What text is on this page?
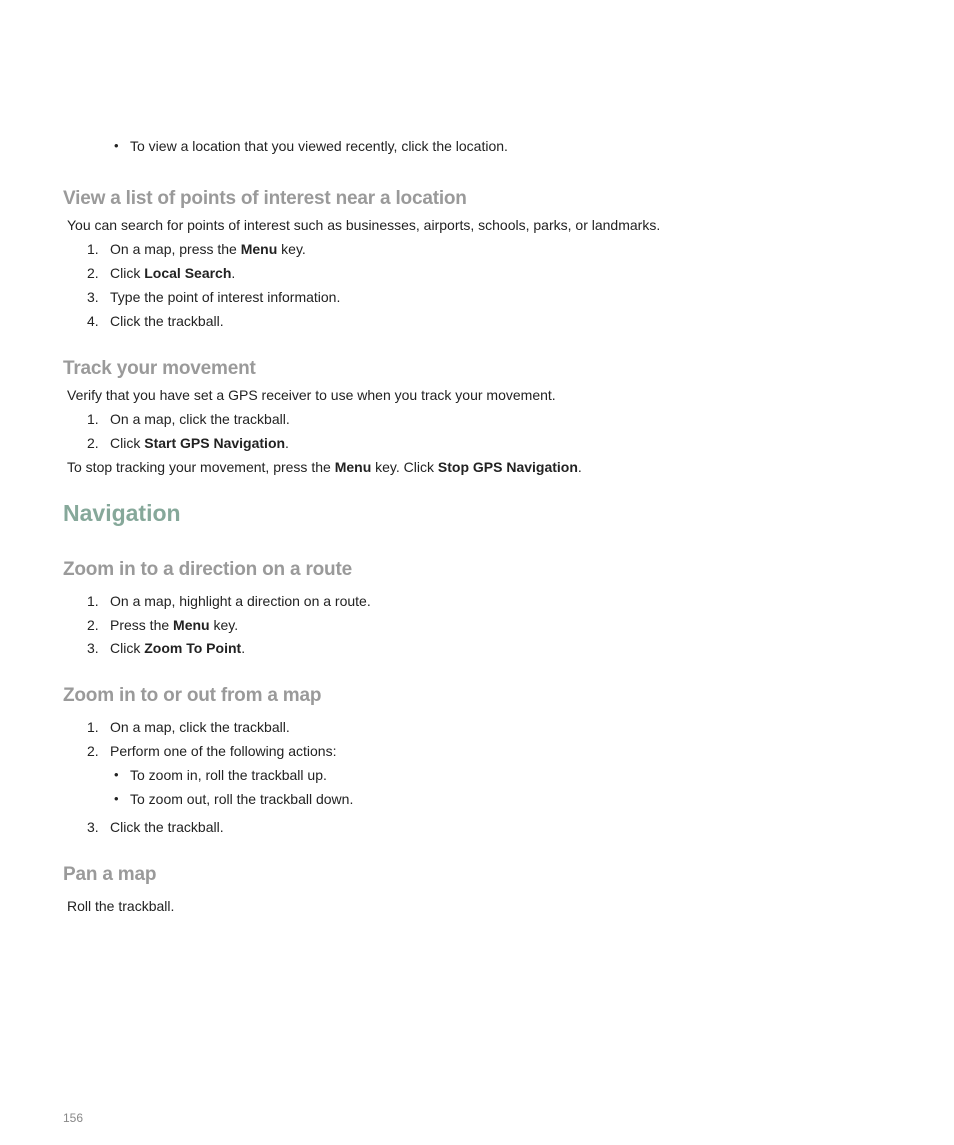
• To view a location that you viewed recently, click the location.
View a list of points of interest near a location
You can search for points of interest such as businesses, airports, schools, parks, or landmarks.
1. On a map, press the Menu key.
2. Click Local Search.
3. Type the point of interest information.
4. Click the trackball.
Track your movement
Verify that you have set a GPS receiver to use when you track your movement.
1. On a map, click the trackball.
2. Click Start GPS Navigation.
To stop tracking your movement, press the Menu key. Click Stop GPS Navigation.
Navigation
Zoom in to a direction on a route
1. On a map, highlight a direction on a route.
2. Press the Menu key.
3. Click Zoom To Point.
Zoom in to or out from a map
1. On a map, click the trackball.
2. Perform one of the following actions:
• To zoom in, roll the trackball up.
• To zoom out, roll the trackball down.
3. Click the trackball.
Pan a map
Roll the trackball.
156
